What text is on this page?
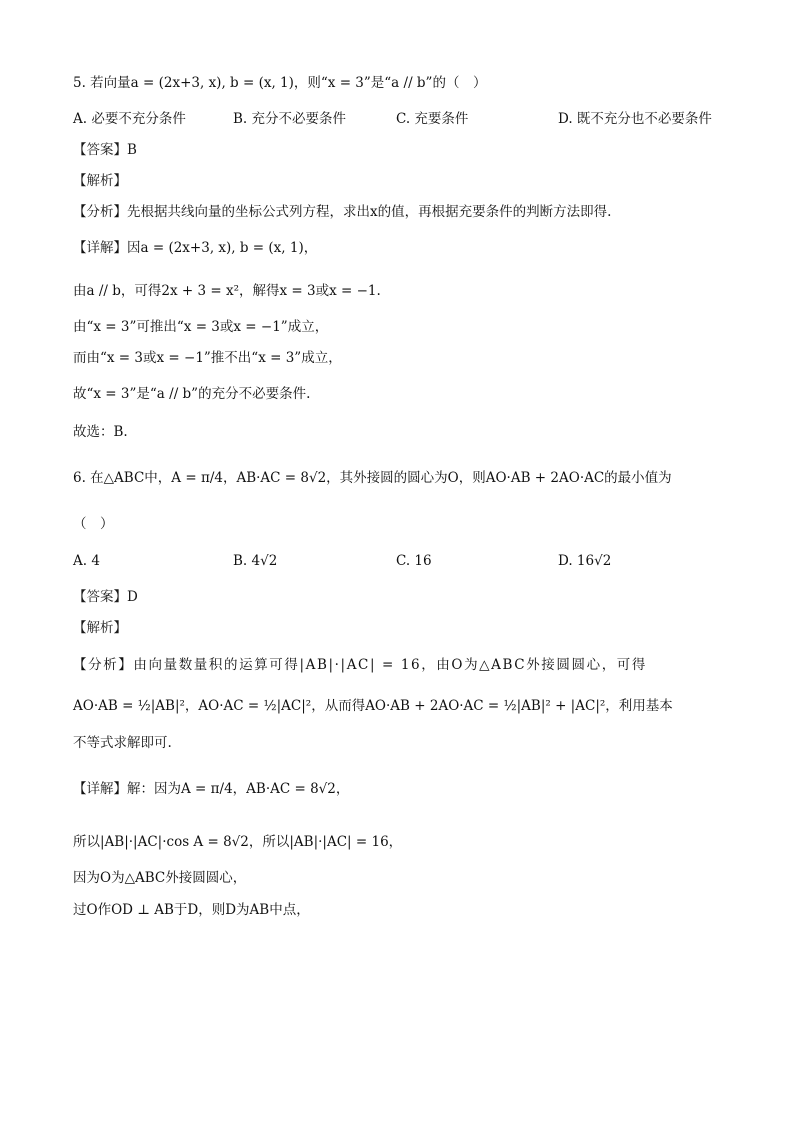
5. 若向量a = (2x+3, x), b = (x, 1)，则“x = 3”是“a // b”的（　）
A. 必要不充分条件	B. 充分不必要条件	C. 充要条件	D. 既不充分也不必要条件
【答案】B
【解析】
【分析】先根据共线向量的坐标公式列方程，求出x的值，再根据充要条件的判断方法即得.
【详解】因a = (2x+3, x), b = (x, 1)，
由a // b，可得2x + 3 = x²，解得x = 3或x = −1.
由“x = 3”可推出“x = 3或x = −1”成立，
而由“x = 3或x = −1”推不出“x = 3”成立，
故“x = 3”是“a // b”的充分不必要条件.
故选：B.
6. 在△ABC中，A = π/4，AB·AC = 8√2，其外接圆的圆心为O，则AO·AB + 2AO·AC的最小值为
（　）
A. 4	B. 4√2	C. 16	D. 16√2
【答案】D
【解析】
【分析】由向量数量积的运算可得|AB|·|AC| = 16，由O为△ABC外接圆圆心，可得
AO·AB = ½|AB|²，AO·AC = ½|AC|²，从而得AO·AB + 2AO·AC = ½|AB|² + |AC|²，利用基本
不等式求解即可.
【详解】解：因为A = π/4，AB·AC = 8√2，
所以|AB|·|AC|·cos A = 8√2，所以|AB|·|AC| = 16，
因为O为△ABC外接圆圆心，
过O作OD ⊥ AB于D，则D为AB中点，
